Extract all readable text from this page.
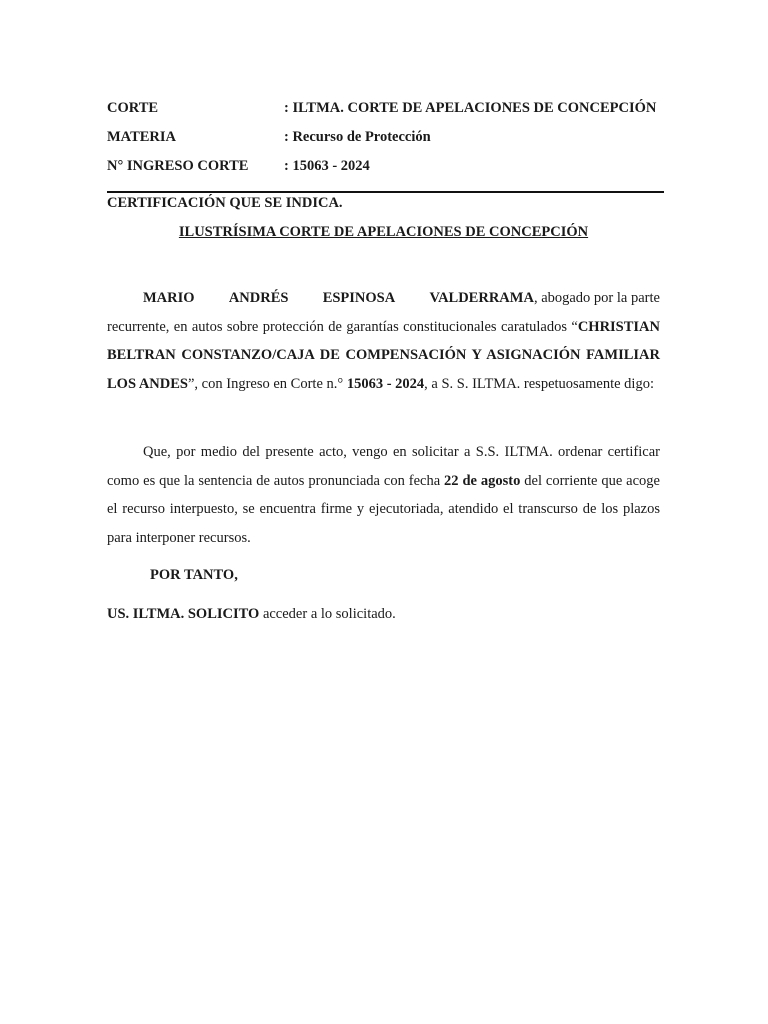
CORTE	: ILTMA. CORTE DE APELACIONES DE CONCEPCIÓN
MATERIA	: Recurso de Protección
N° INGRESO CORTE	: 15063 - 2024
CERTIFICACIÓN QUE SE INDICA.
ILUSTRÍSIMA CORTE DE APELACIONES DE CONCEPCIÓN
MARIO ANDRÉS ESPINOSA VALDERRAMA, abogado por la parte
recurrente, en autos sobre protección de garantías constitucionales caratulados “CHRISTIAN BELTRAN CONSTANZO/CAJA DE COMPENSACIÓN Y ASIGNACIÓN FAMILIAR LOS ANDES”, con Ingreso en Corte n.° 15063 - 2024, a S. S. ILTMA. respetuosamente digo:
Que, por medio del presente acto, vengo en solicitar a S.S. ILTMA. ordenar certificar como es que la sentencia de autos pronunciada con fecha 22 de agosto del corriente que acoge el recurso interpuesto, se encuentra firme y ejecutoriada, atendido el transcurso de los plazos para interponer recursos.
POR TANTO,
US. ILTMA. SOLICITO acceder a lo solicitado.
